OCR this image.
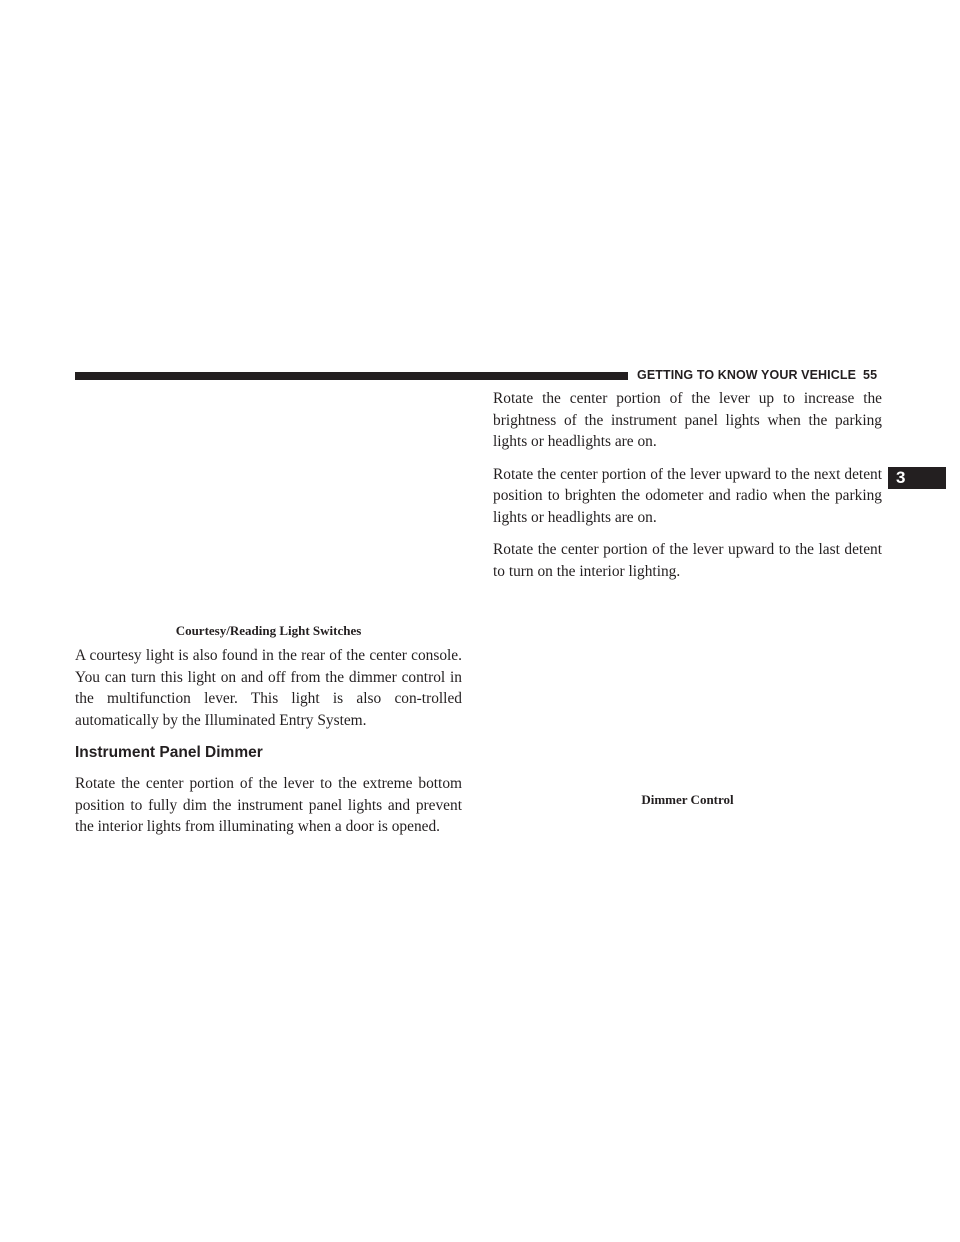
GETTING TO KNOW YOUR VEHICLE 55
3
Courtesy/Reading Light Switches

A courtesy light is also found in the rear of the center console. You can turn this light on and off from the dimmer control in the multifunction lever. This light is also con-trolled automatically by the Illuminated Entry System.

Instrument Panel Dimmer

Rotate the center portion of the lever to the extreme bottom position to fully dim the instrument panel lights and prevent the interior lights from illuminating when a door is opened.

Rotate the center portion of the lever up to increase the brightness of the instrument panel lights when the parking lights or headlights are on.

Rotate the center portion of the lever upward to the next detent position to brighten the odometer and radio when the parking lights or headlights are on.

Rotate the center portion of the lever upward to the last detent to turn on the interior lighting.

Dimmer Control
